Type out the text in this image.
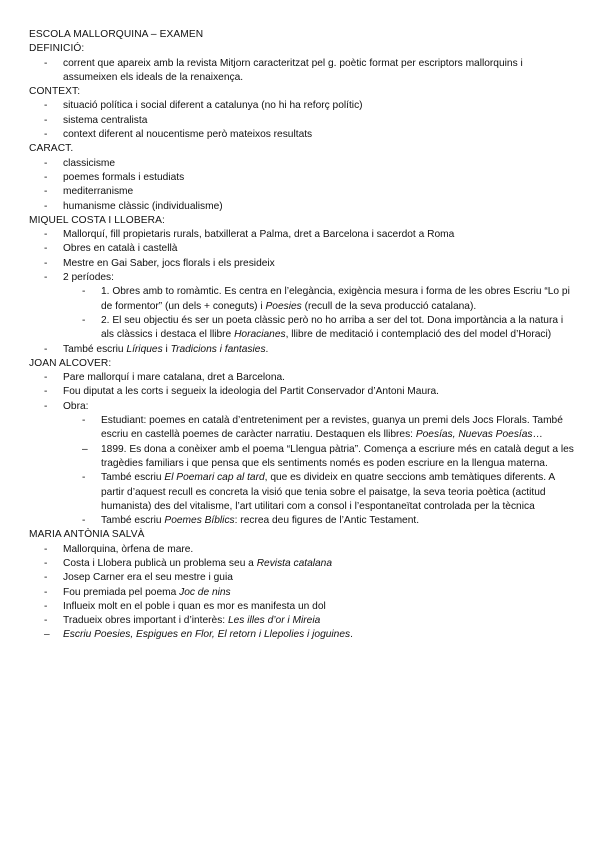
ESCOLA MALLORQUINA – EXAMEN
DEFINICIÓ:
- corrent que apareix amb la revista Mitjorn caracteritzat pel g. poètic format per escriptors mallorquins i assumeixen els ideals de la renaixença.
CONTEXT:
- situació política i social diferent a catalunya (no hi ha reforç polític)
- sistema centralista
- context diferent al noucentisme però mateixos resultats
CARACT.
- classicisme
- poemes formals i estudiats
- mediterranisme
- humanisme clàssic (individualisme)
MIQUEL COSTA I LLOBERA:
- Mallorquí, fill propietaris rurals, batxillerat a Palma, dret a Barcelona i sacerdot a Roma
- Obres en català i castellà
- Mestre en Gai Saber, jocs florals i els presideix
- 2 períodes:
- 1. Obres amb to romàmtic. Es centra en l’elegància, exigència mesura i forma de les obres Escriu “Lo pi de formentor” (un dels + coneguts) i Poesies (recull de la seva producció catalana).
- 2. El seu objectiu és ser un poeta clàssic però no ho arriba a ser del tot. Dona importància a la natura i als clàssics i destaca el llibre Horacianes, llibre de meditació i contemplació des del model d’Horaci)
- També escriu Líriques i Tradicions i fantasies.
JOAN ALCOVER:
- Pare mallorquí i mare catalana, dret a Barcelona.
- Fou diputat a les corts i segueix la ideologia del Partit Conservador d’Antoni Maura.
- Obra:
- Estudiant: poemes en català d’entreteniment per a revistes, guanya un premi dels Jocs Florals. També escriu en castellà poemes de caràcter narratiu. Destaquen els llibres: Poesías, Nuevas Poesías…
– 1899. Es dona a conèixer amb el poema “Llengua pàtria”. Comença a escriure més en català degut a les tragèdies familiars i que pensa que els sentiments només es poden escriure en la llengua materna.
- També escriu El Poemari cap al tard, que es divideix en quatre seccions amb temàtiques diferents. A partir d’aquest recull es concreta la visió que tenia sobre el paisatge, la seva teoria poètica (actitud humanista) des del vitalisme, l’art utilitari com a consol i l’espontaneïtat controlada per la tècnica
- També escriu Poemes Bíblics: recrea deu figures de l’Antic Testament.
MARIA ANTÒNIA SALVÀ
- Mallorquina, òrfena de mare.
- Costa i Llobera publicà un problema seu a Revista catalana
- Josep Carner era el seu mestre i guia
- Fou premiada pel poema Joc de nins
- Influeix molt en el poble i quan es mor es manifesta un dol
- Tradueix obres important i d’interès: Les illes d’or i Mireia
– Escriu Poesies, Espigues en Flor, El retorn i Llepolies i joguines.
